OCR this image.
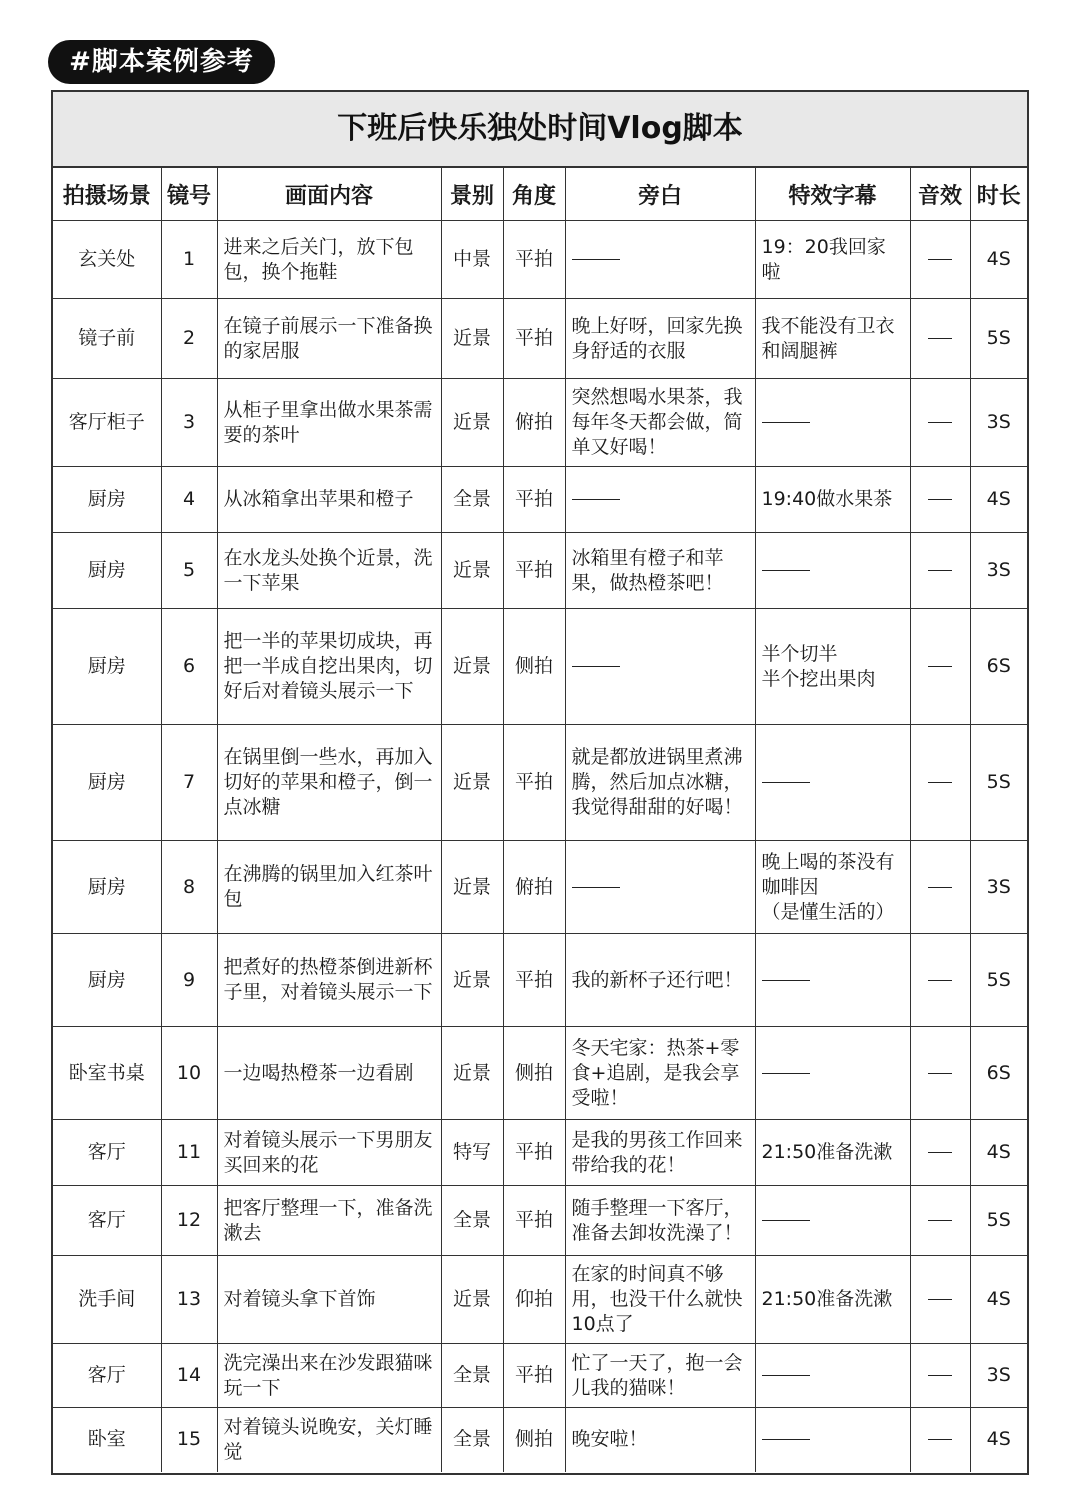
#脚本案例参考
下班后快乐独处时间Vlog脚本
拍摄场景	镜号	画面内容	景别	角度	旁白	特效字幕	音效	时长
玄关处	1	进来之后关门，放下包包，换个拖鞋	中景	平拍		19：20我回家啦		4S
镜子前	2	在镜子前展示一下准备换的家居服	近景	平拍	晚上好呀，回家先换身舒适的衣服	我不能没有卫衣和阔腿裤		5S
客厅柜子	3	从柜子里拿出做水果茶需要的茶叶	近景	俯拍	突然想喝水果茶，我每年冬天都会做，简单又好喝！			3S
厨房	4	从冰箱拿出苹果和橙子	全景	平拍		19:40做水果茶		4S
厨房	5	在水龙头处换个近景，洗一下苹果	近景	平拍	冰箱里有橙子和苹果，做热橙茶吧！			3S
厨房	6	把一半的苹果切成块，再把一半成自挖出果肉，切好后对着镜头展示一下	近景	侧拍		半个切半
半个挖出果肉		6S
厨房	7	在锅里倒一些水，再加入切好的苹果和橙子，倒一点冰糖	近景	平拍	就是都放进锅里煮沸腾，然后加点冰糖，我觉得甜甜的好喝！			5S
厨房	8	在沸腾的锅里加入红茶叶包	近景	俯拍		晚上喝的茶没有咖啡因
（是懂生活的）		3S
厨房	9	把煮好的热橙茶倒进新杯子里，对着镜头展示一下	近景	平拍	我的新杯子还行吧！			5S
卧室书桌	10	一边喝热橙茶一边看剧	近景	侧拍	冬天宅家：热茶+零食+追剧，是我会享受啦！			6S
客厅	11	对着镜头展示一下男朋友买回来的花	特写	平拍	是我的男孩工作回来带给我的花！	21:50准备洗漱		4S
客厅	12	把客厅整理一下，准备洗漱去	全景	平拍	随手整理一下客厅，准备去卸妆洗澡了！			5S
洗手间	13	对着镜头拿下首饰	近景	仰拍	在家的时间真不够用，也没干什么就快10点了	21:50准备洗漱		4S
客厅	14	洗完澡出来在沙发跟猫咪玩一下	全景	平拍	忙了一天了，抱一会儿我的猫咪！			3S
卧室	15	对着镜头说晚安，关灯睡觉	全景	侧拍	晚安啦！			4S
